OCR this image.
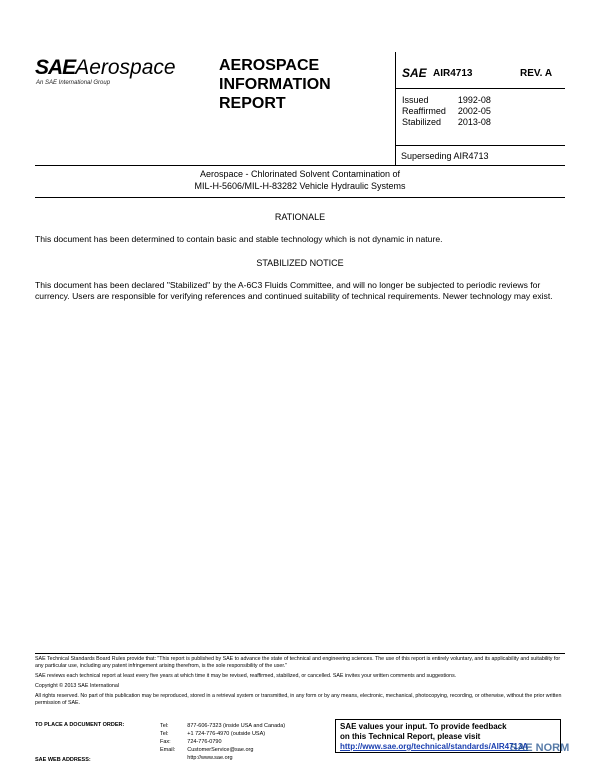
SAEAerospace
An SAE International Group
AEROSPACE
INFORMATION
REPORT
SAE AIR4713	REV. A
Issued	1992-08
Reaffirmed	2002-05
Stabilized	2013-08
Superseding AIR4713
Aerospace - Chlorinated Solvent Contamination of
MIL-H-5606/MIL-H-83282 Vehicle Hydraulic Systems
RATIONALE
This document has been determined to contain basic and stable technology which is not dynamic in nature.
STABILIZED NOTICE
This document has been declared "Stabilized" by the A-6C3 Fluids Committee, and will no longer be subjected to periodic reviews for currency. Users are responsible for verifying references and continued suitability of technical requirements. Newer technology may exist.

SAE Technical Standards Board Rules provide that: "This report is published by SAE to advance the state of technical and engineering sciences. The use of this report is entirely voluntary, and its applicability and suitability for any particular use, including any patent infringement arising therefrom, is the sole responsibility of the user."

SAE reviews each technical report at least every five years at which time it may be revised, reaffirmed, stabilized, or cancelled. SAE invites your written comments and suggestions.

Copyright © 2013 SAE International

All rights reserved. No part of this publication may be reproduced, stored in a retrieval system or transmitted, in any form or by any means, electronic, mechanical, photocopying, recording, or otherwise, without the prior written permission of SAE.

TO PLACE A DOCUMENT ORDER:
SAE WEB ADDRESS:
Tel:	877-606-7323 (inside USA and Canada)
Tel:	+1 724-776-4970 (outside USA)
Fax:	724-776-0790
Email:	CustomerService@sae.org
	http://www.sae.org
SAE values your input. To provide feedback
on this Technical Report, please visit
http://www.sae.org/technical/standards/AIR4713A
SAE NORM
